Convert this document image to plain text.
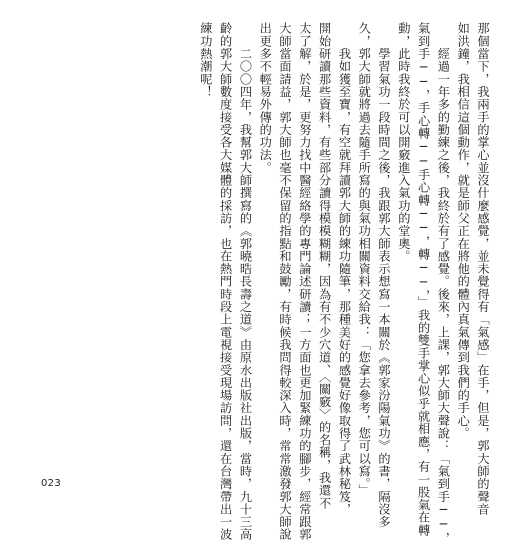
那個當下，我兩手的掌心並沒什麼感覺，並未覺得有「氣感」在手，但是，郭大師的聲音
如洪鐘，我相信這個動作，就是師父正在將他的體內真氣傳到我們的手心。
　　經過一年多的勤練之後，我終於有了感覺。後來，上課，郭大師大聲說：「氣到手──，
氣到手──，手心轉──手心轉──，轉──，」我的雙手掌心似乎就相應，有一股氣在轉
動，此時我終於可以開竅進入氣功的堂奧。
　　學習氣功一段時間之後，我跟郭大師表示想寫一本關於《郭家汾陽氣功》的書，隔沒多
久，郭大師就將過去隨手所寫的與氣功相關資料交給我：「您拿去參考，您可以寫。」
　　我如獲至寶，有空就拜讀郭大師的練功隨筆，那種美好的感覺好像取得了武林秘笈，
開始研讀那些資料，有些部分讀得模模糊糊，因為有不少穴道、〈關竅〉的名稱，我還不
太了解，於是，更努力找中醫經絡學的專門論述研讀；一方面也更加緊練功的腳步，經常跟郭
大師當面請益，郭大師也毫不保留的指點和鼓勵，有時候我問得較深入時，常常激發郭大師說
出更多不輕易外傳的功法。
　　二〇〇四年，我幫郭大師撰寫的《郭曉晧長壽之道》由原水出版社出版，當時，九十三高
齡的郭大師數度接受各大媒體的採訪，也在熱門時段上電視接受現場訪問，還在台灣帶出一波
練功熱潮呢！
023
